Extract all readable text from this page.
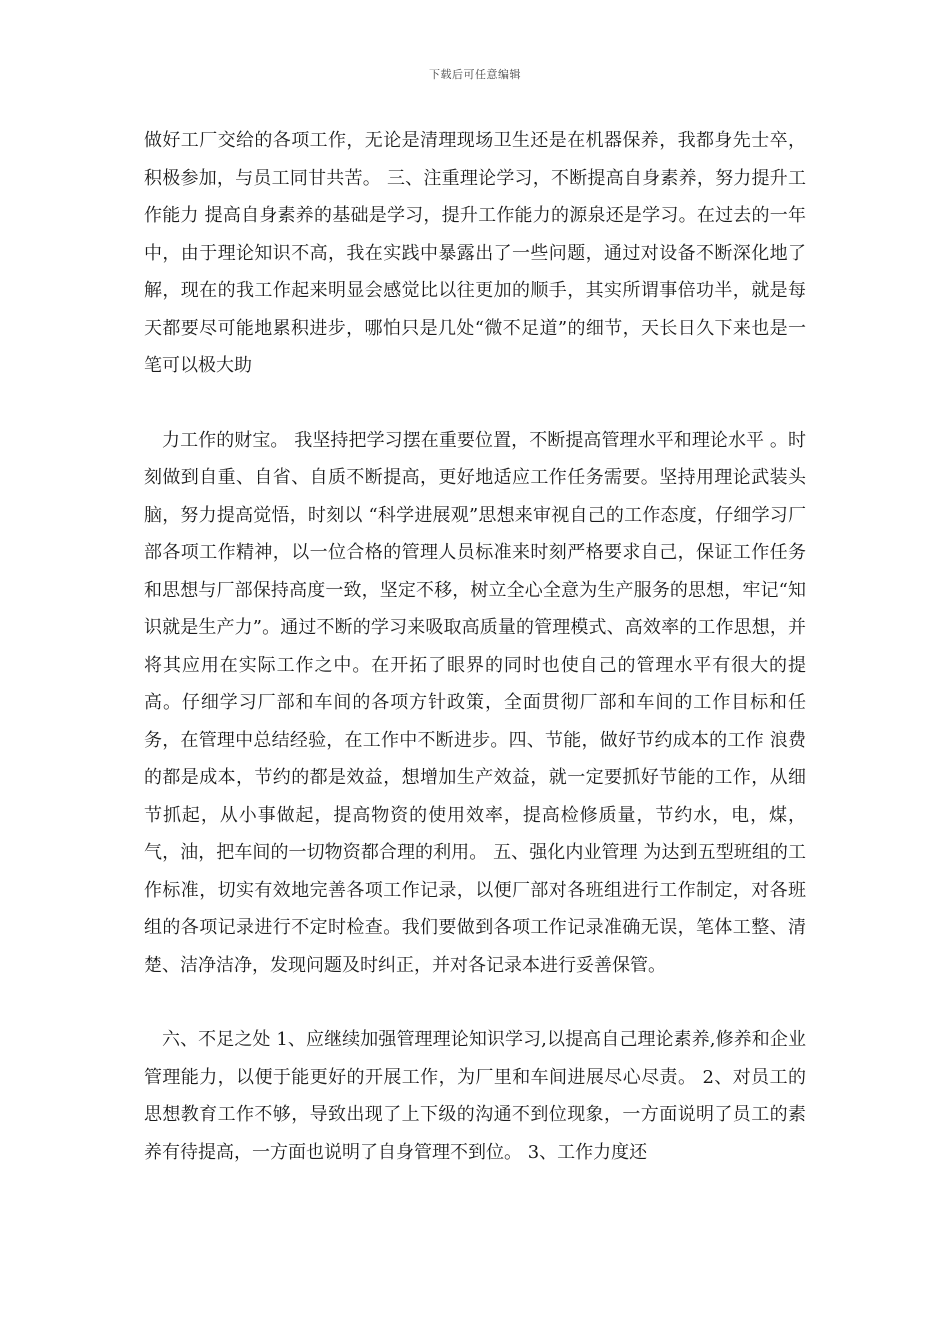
下载后可任意编辑

做好工厂交给的各项工作，无论是清理现场卫生还是在机器保养，我都身先士卒，积极参加，与员工同甘共苦。 三、注重理论学习，不断提高自身素养，努力提升工作能力 提高自身素养的基础是学习，提升工作能力的源泉还是学习。在过去的一年中，由于理论知识不高，我在实践中暴露出了一些问题，通过对设备不断深化地了解，现在的我工作起来明显会感觉比以往更加的顺手，其实所谓事倍功半，就是每天都要尽可能地累积进步，哪怕只是几处“微不足道”的细节，天长日久下来也是一笔可以极大助

力工作的财宝。 我坚持把学习摆在重要位置，不断提高管理水平和理论水平 。时刻做到自重、自省、自质不断提高，更好地适应工作任务需要。坚持用理论武装头脑，努力提高觉悟，时刻以 “科学进展观”思想来审视自己的工作态度，仔细学习厂部各项工作精神，以一位合格的管理人员标准来时刻严格要求自己，保证工作任务和思想与厂部保持高度一致，坚定不移，树立全心全意为生产服务的思想，牢记“知识就是生产力”。通过不断的学习来吸取高质量的管理模式、高效率的工作思想，并将其应用在实际工作之中。在开拓了眼界的同时也使自己的管理水平有很大的提高。仔细学习厂部和车间的各项方针政策，全面贯彻厂部和车间的工作目标和任务，在管理中总结经验，在工作中不断进步。四、节能，做好节约成本的工作 浪费的都是成本，节约的都是效益，想增加生产效益，就一定要抓好节能的工作，从细节抓起，从小事做起，提高物资的使用效率，提高检修质量，节约水，电，煤，气，油，把车间的一切物资都合理的利用。 五、强化内业管理 为达到五型班组的工作标准，切实有效地完善各项工作记录，以便厂部对各班组进行工作制定，对各班组的各项记录进行不定时检查。我们要做到各项工作记录准确无误，笔体工整、清楚、洁净洁净，发现问题及时纠正，并对各记录本进行妥善保管。

六、不足之处 1、应继续加强管理理论知识学习,以提高自己理论素养,修养和企业管理能力，以便于能更好的开展工作，为厂里和车间进展尽心尽责。 2、对员工的思想教育工作不够，导致出现了上下级的沟通不到位现象，一方面说明了员工的素养有待提高，一方面也说明了自身管理不到位。 3、工作力度还
